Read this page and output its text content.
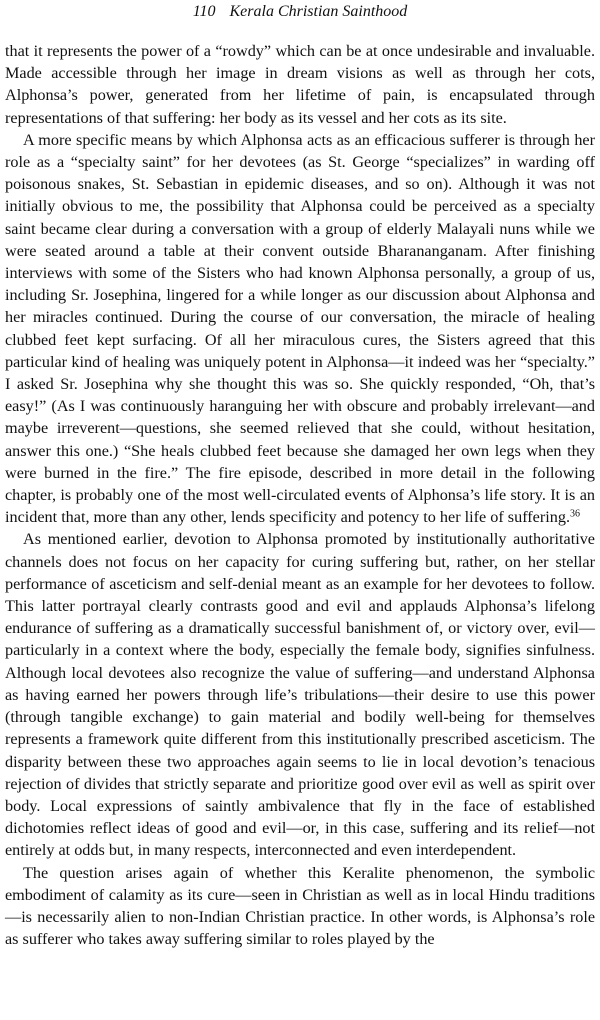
110 Kerala Christian Sainthood

that it represents the power of a “rowdy” which can be at once undesirable and invaluable. Made accessible through her image in dream visions as well as through her cots, Alphonsa’s power, generated from her lifetime of pain, is encapsulated through representations of that suffering: her body as its vessel and her cots as its site.

A more specific means by which Alphonsa acts as an efficacious sufferer is through her role as a “specialty saint” for her devotees (as St. George “specializes” in warding off poisonous snakes, St. Sebastian in epidemic diseases, and so on). Although it was not initially obvious to me, the possibility that Alphonsa could be perceived as a specialty saint became clear during a conversation with a group of elderly Malayali nuns while we were seated around a table at their convent outside Bharananganam. After finishing interviews with some of the Sisters who had known Alphonsa personally, a group of us, including Sr. Josephina, lingered for a while longer as our discussion about Alphonsa and her miracles continued. During the course of our conversation, the miracle of healing clubbed feet kept surfacing. Of all her miraculous cures, the Sisters agreed that this particular kind of healing was uniquely potent in Alphonsa—it indeed was her “specialty.” I asked Sr. Josephina why she thought this was so. She quickly responded, “Oh, that’s easy!” (As I was continuously haranguing her with obscure and probably irrelevant—and maybe irreverent—questions, she seemed relieved that she could, without hesitation, answer this one.) “She heals clubbed feet because she damaged her own legs when they were burned in the fire.” The fire episode, described in more detail in the following chapter, is probably one of the most well-circulated events of Alphonsa’s life story. It is an incident that, more than any other, lends specificity and potency to her life of suffering.$^{36}$

As mentioned earlier, devotion to Alphonsa promoted by institutionally authoritative channels does not focus on her capacity for curing suffering but, rather, on her stellar performance of asceticism and self-denial meant as an example for her devotees to follow. This latter portrayal clearly contrasts good and evil and applauds Alphonsa’s lifelong endurance of suffering as a dramatically successful banishment of, or victory over, evil—particularly in a context where the body, especially the female body, signifies sinfulness. Although local devotees also recognize the value of suffering—and understand Alphonsa as having earned her powers through life’s tribulations—their desire to use this power (through tangible exchange) to gain material and bodily well-being for themselves represents a framework quite different from this institutionally prescribed asceticism. The disparity between these two approaches again seems to lie in local devotion’s tenacious rejection of divides that strictly separate and prioritize good over evil as well as spirit over body. Local expressions of saintly ambivalence that fly in the face of established dichotomies reflect ideas of good and evil—or, in this case, suffering and its relief—not entirely at odds but, in many respects, interconnected and even interdependent.

The question arises again of whether this Keralite phenomenon, the symbolic embodiment of calamity as its cure—seen in Christian as well as in local Hindu traditions—is necessarily alien to non-Indian Christian practice. In other words, is Alphonsa’s role as sufferer who takes away suffering similar to roles played by the
